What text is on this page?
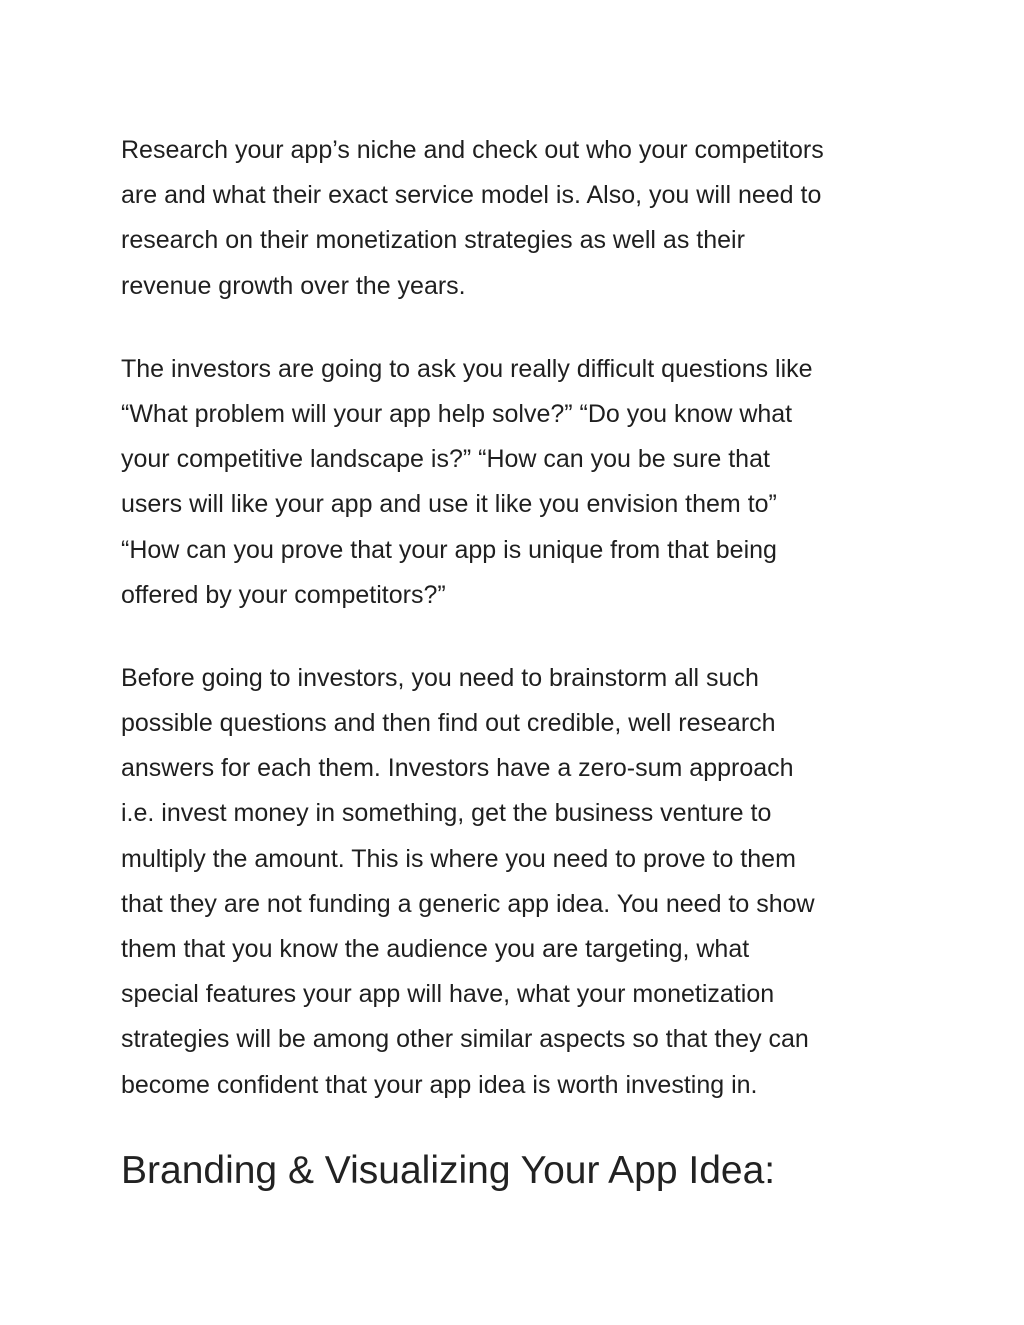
Research your app’s niche and check out who your competitors
are and what their exact service model is. Also, you will need to
research on their monetization strategies as well as their
revenue growth over the years.

The investors are going to ask you really difficult questions like
“What problem will your app help solve?” “Do you know what
your competitive landscape is?” “How can you be sure that
users will like your app and use it like you envision them to”
“How can you prove that your app is unique from that being
offered by your competitors?”

Before going to investors, you need to brainstorm all such
possible questions and then find out credible, well research
answers for each them. Investors have a zero-sum approach
i.e. invest money in something, get the business venture to
multiply the amount. This is where you need to prove to them
that they are not funding a generic app idea. You need to show
them that you know the audience you are targeting, what
special features your app will have, what your monetization
strategies will be among other similar aspects so that they can
become confident that your app idea is worth investing in.

Branding & Visualizing Your App Idea:
